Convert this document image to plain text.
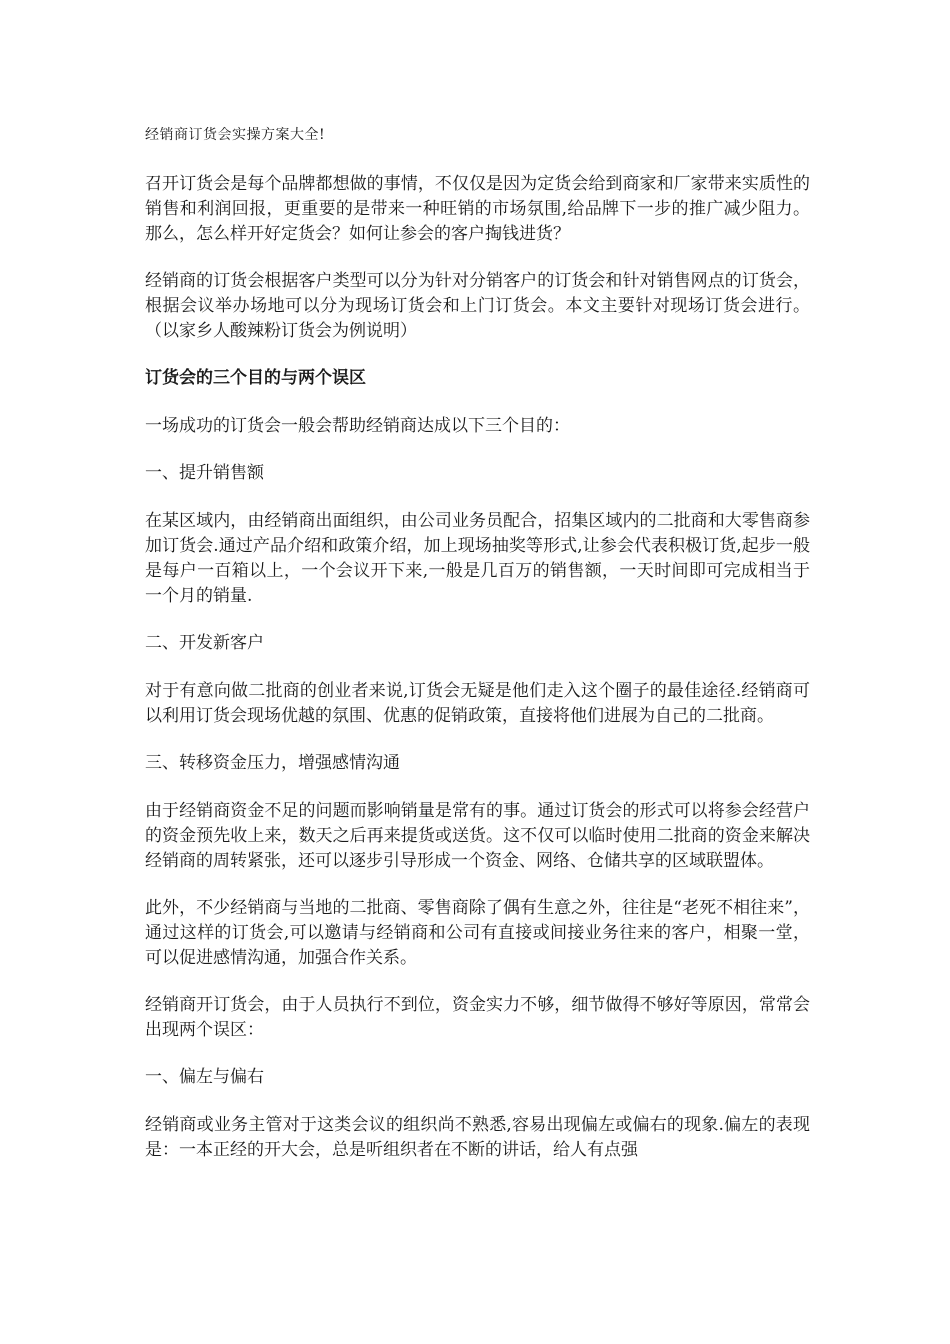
经销商订货会实操方案大全!

召开订货会是每个品牌都想做的事情，不仅仅是因为定货会给到商家和厂家带来实质性的销售和利润回报，更重要的是带来一种旺销的市场氛围,给品牌下一步的推广减少阻力。那么，怎么样开好定货会？如何让参会的客户掏钱进货？

经销商的订货会根据客户类型可以分为针对分销客户的订货会和针对销售网点的订货会，根据会议举办场地可以分为现场订货会和上门订货会。本文主要针对现场订货会进行。（以家乡人酸辣粉订货会为例说明）

订货会的三个目的与两个误区

一场成功的订货会一般会帮助经销商达成以下三个目的：

一、提升销售额

在某区域内，由经销商出面组织，由公司业务员配合，招集区域内的二批商和大零售商参加订货会.通过产品介绍和政策介绍，加上现场抽奖等形式,让参会代表积极订货,起步一般是每户一百箱以上，一个会议开下来,一般是几百万的销售额，一天时间即可完成相当于一个月的销量.

二、开发新客户

对于有意向做二批商的创业者来说,订货会无疑是他们走入这个圈子的最佳途径.经销商可以利用订货会现场优越的氛围、优惠的促销政策，直接将他们进展为自己的二批商。

三、转移资金压力，增强感情沟通

由于经销商资金不足的问题而影响销量是常有的事。通过订货会的形式可以将参会经营户的资金预先收上来，数天之后再来提货或送货。这不仅可以临时使用二批商的资金来解决经销商的周转紧张，还可以逐步引导形成一个资金、网络、仓储共享的区域联盟体。

此外，不少经销商与当地的二批商、零售商除了偶有生意之外，往往是“老死不相往来”，通过这样的订货会,可以邀请与经销商和公司有直接或间接业务往来的客户，相聚一堂，可以促进感情沟通，加强合作关系。

经销商开订货会，由于人员执行不到位，资金实力不够，细节做得不够好等原因，常常会出现两个误区：

一、偏左与偏右

经销商或业务主管对于这类会议的组织尚不熟悉,容易出现偏左或偏右的现象.偏左的表现是：一本正经的开大会，总是听组织者在不断的讲话，给人有点强
